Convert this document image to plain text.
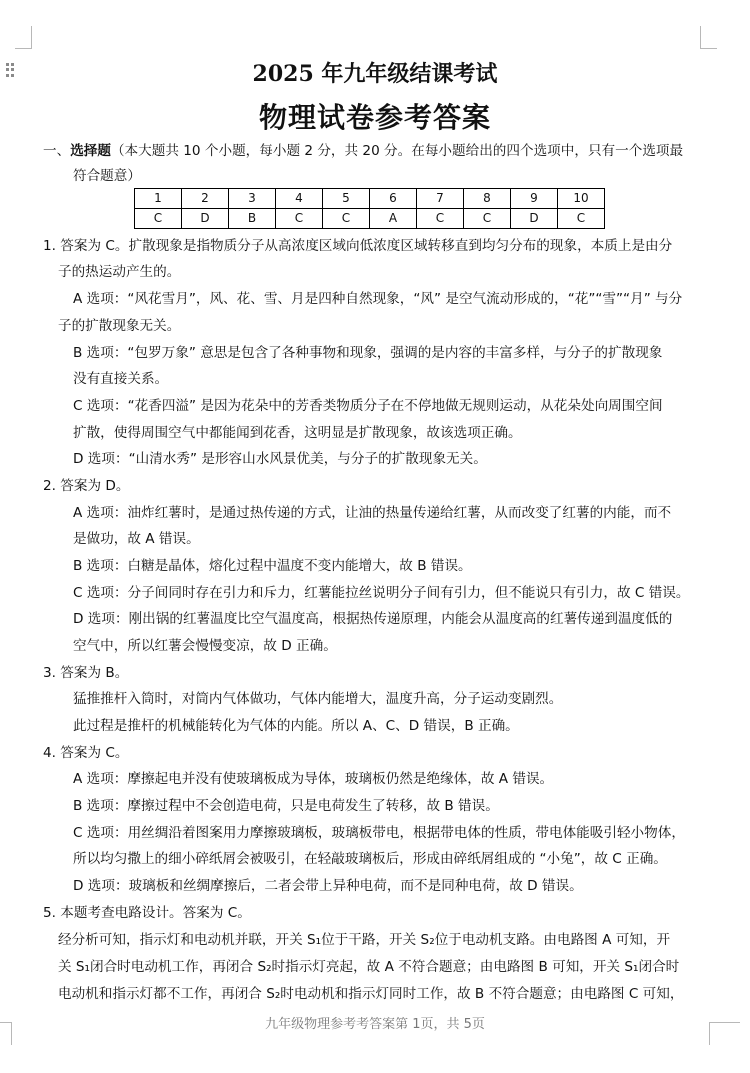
2025 年九年级结课考试
物理试卷参考答案
一、选择题（本大题共 10 个小题，每小题 2 分，共 20 分。在每小题给出的四个选项中，只有一个选项最
符合题意）
1	2	3	4	5	6	7	8	9	10
C	D	B	C	C	A	C	C	D	C
1. 答案为 C。扩散现象是指物质分子从高浓度区域向低浓度区域转移直到均匀分布的现象，本质上是由分
子的热运动产生的。
A 选项：“风花雪月”，风、花、雪、月是四种自然现象，“风” 是空气流动形成的，“花”“雪”“月” 与分
子的扩散现象无关。
B 选项：“包罗万象” 意思是包含了各种事物和现象，强调的是内容的丰富多样，与分子的扩散现象
没有直接关系。
C 选项：“花香四溢” 是因为花朵中的芳香类物质分子在不停地做无规则运动，从花朵处向周围空间
扩散，使得周围空气中都能闻到花香，这明显是扩散现象，故该选项正确。
D 选项：“山清水秀” 是形容山水风景优美，与分子的扩散现象无关。
2. 答案为 D。
A 选项：油炸红薯时，是通过热传递的方式，让油的热量传递给红薯，从而改变了红薯的内能，而不
是做功，故 A 错误。
B 选项：白糖是晶体，熔化过程中温度不变内能增大，故 B 错误。
C 选项：分子间同时存在引力和斥力，红薯能拉丝说明分子间有引力，但不能说只有引力，故 C 错误。
D 选项：刚出锅的红薯温度比空气温度高，根据热传递原理，内能会从温度高的红薯传递到温度低的
空气中，所以红薯会慢慢变凉，故 D 正确。
3. 答案为 B。
猛推推杆入筒时，对筒内气体做功，气体内能增大，温度升高，分子运动变剧烈。
此过程是推杆的机械能转化为气体的内能。所以 A、C、D 错误，B 正确。
4. 答案为 C。
A 选项：摩擦起电并没有使玻璃板成为导体，玻璃板仍然是绝缘体，故 A 错误。
B 选项：摩擦过程中不会创造电荷，只是电荷发生了转移，故 B 错误。
C 选项：用丝绸沿着图案用力摩擦玻璃板，玻璃板带电，根据带电体的性质，带电体能吸引轻小物体，
所以均匀撒上的细小碎纸屑会被吸引，在轻敲玻璃板后，形成由碎纸屑组成的 “小兔”，故 C 正确。
D 选项：玻璃板和丝绸摩擦后，二者会带上异种电荷，而不是同种电荷，故 D 错误。
5. 本题考查电路设计。答案为 C。
经分析可知，指示灯和电动机并联，开关 S₁位于干路，开关 S₂位于电动机支路。由电路图 A 可知，开
关 S₁闭合时电动机工作，再闭合 S₂时指示灯亮起，故 A 不符合题意；由电路图 B 可知，开关 S₁闭合时
电动机和指示灯都不工作，再闭合 S₂时电动机和指示灯同时工作，故 B 不符合题意；由电路图 C 可知，
九年级物理参考考答案第 1页，共 5页
